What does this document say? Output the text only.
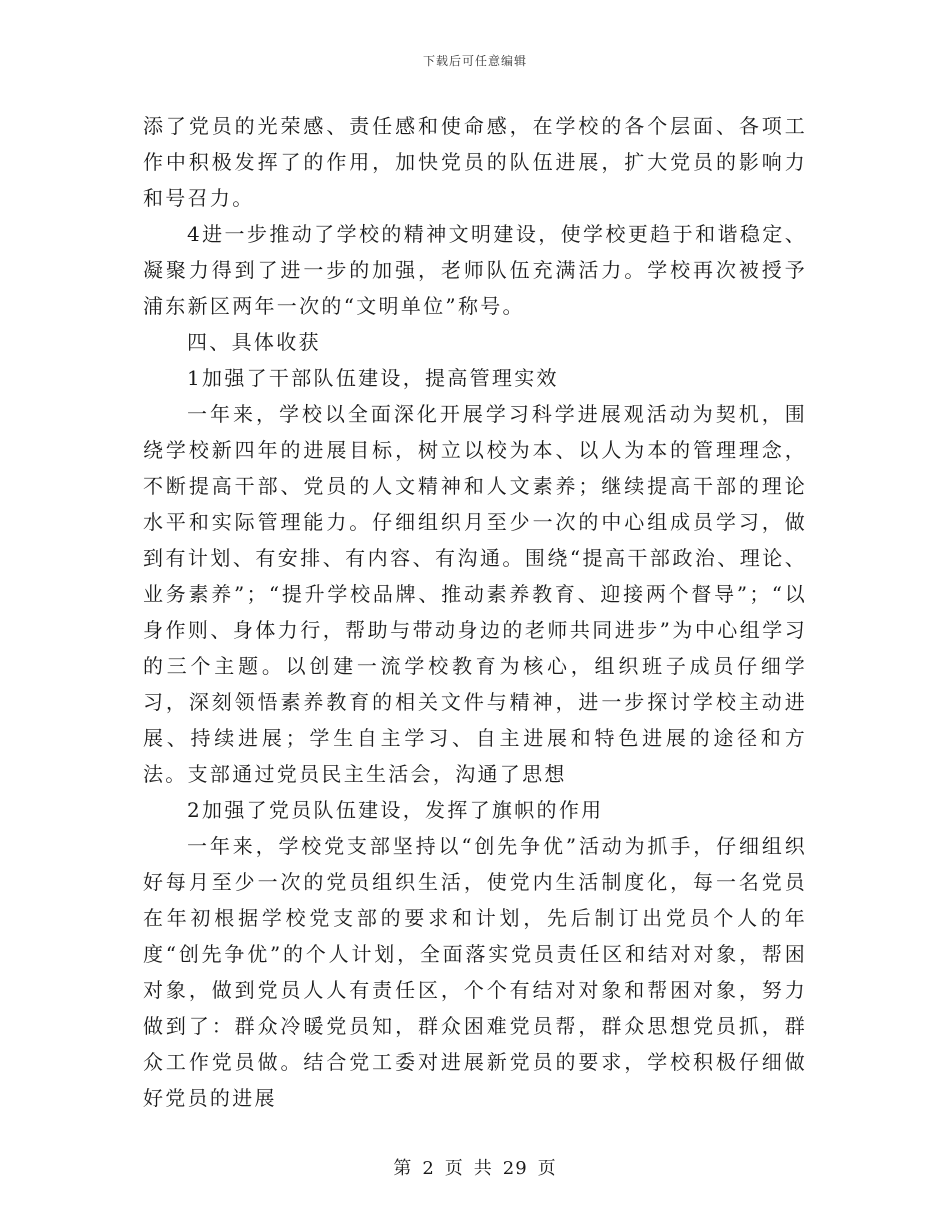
下载后可任意编辑

添了党员的光荣感、责任感和使命感，在学校的各个层面、各项工作中积极发挥了的作用，加快党员的队伍进展，扩大党员的影响力和号召力。

4进一步推动了学校的精神文明建设，使学校更趋于和谐稳定、凝聚力得到了进一步的加强，老师队伍充满活力。学校再次被授予浦东新区两年一次的“文明单位”称号。

四、具体收获

1加强了干部队伍建设，提高管理实效

一年来，学校以全面深化开展学习科学进展观活动为契机，围绕学校新四年的进展目标，树立以校为本、以人为本的管理理念，不断提高干部、党员的人文精神和人文素养；继续提高干部的理论水平和实际管理能力。仔细组织月至少一次的中心组成员学习，做到有计划、有安排、有内容、有沟通。围绕“提高干部政治、理论、业务素养”；“提升学校品牌、推动素养教育、迎接两个督导”；“以身作则、身体力行，帮助与带动身边的老师共同进步”为中心组学习的三个主题。以创建一流学校教育为核心，组织班子成员仔细学习，深刻领悟素养教育的相关文件与精神，进一步探讨学校主动进展、持续进展；学生自主学习、自主进展和特色进展的途径和方法。支部通过党员民主生活会，沟通了思想

2加强了党员队伍建设，发挥了旗帜的作用

一年来，学校党支部坚持以“创先争优”活动为抓手，仔细组织好每月至少一次的党员组织生活，使党内生活制度化，每一名党员在年初根据学校党支部的要求和计划，先后制订出党员个人的年度“创先争优”的个人计划，全面落实党员责任区和结对对象，帮困对象，做到党员人人有责任区，个个有结对对象和帮困对象，努力做到了：群众冷暖党员知，群众困难党员帮，群众思想党员抓，群众工作党员做。结合党工委对进展新党员的要求，学校积极仔细做好党员的进展

第 2 页 共 29 页
